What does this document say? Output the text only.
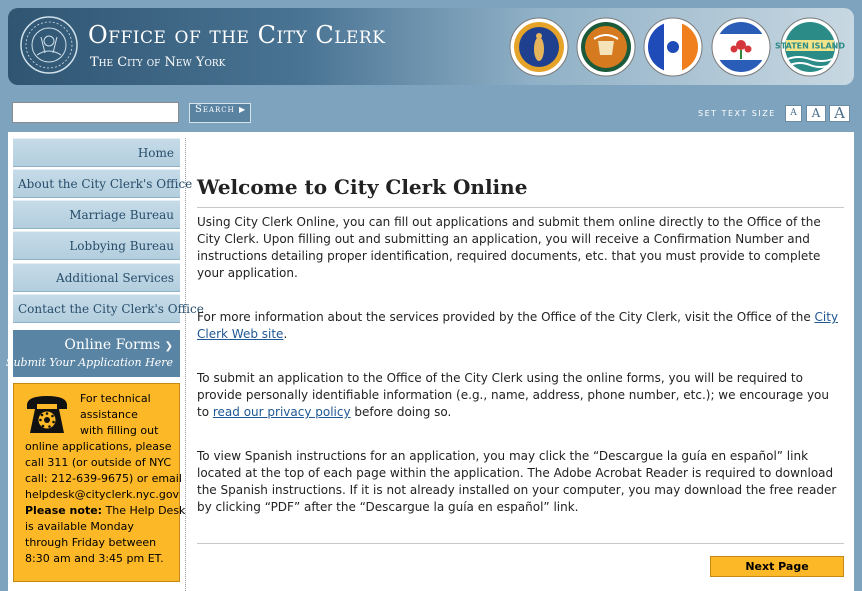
Office of the City Clerk
The City of New York
STATEN ISLAND
Search ▶	SET TEXT SIZE	A	A A
Home
About the City Clerk's Office
Marriage Bureau
Lobbying Bureau
Additional Services
Contact the City Clerk's Office
Online Forms ❯
Submit Your Application Here
For technical
assistance
with filling out
online applications, please
call 311 (or outside of NYC
call: 212-639-9675) or email
helpdesk@cityclerk.nyc.gov
Please note: The Help Desk
is available Monday
through Friday between
8:30 am and 3:45 pm ET.
Welcome to City Clerk Online
Using City Clerk Online, you can fill out applications and submit them online directly to the Office of the
City Clerk. Upon filling out and submitting an application, you will receive a Confirmation Number and
instructions detailing proper identification, required documents, etc. that you must provide to complete
your application.
For more information about the services provided by the Office of the City Clerk, visit the Office of the City
Clerk Web site.
To submit an application to the Office of the City Clerk using the online forms, you will be required to
provide personally identifiable information (e.g., name, address, phone number, etc.); we encourage you
to read our privacy policy before doing so.
To view Spanish instructions for an application, you may click the “Descargue la guía en español” link
located at the top of each page within the application. The Adobe Acrobat Reader is required to download
the Spanish instructions. If it is not already installed on your computer, you may download the free reader
by clicking “PDF” after the “Descargue la guía en español” link.
Next Page
